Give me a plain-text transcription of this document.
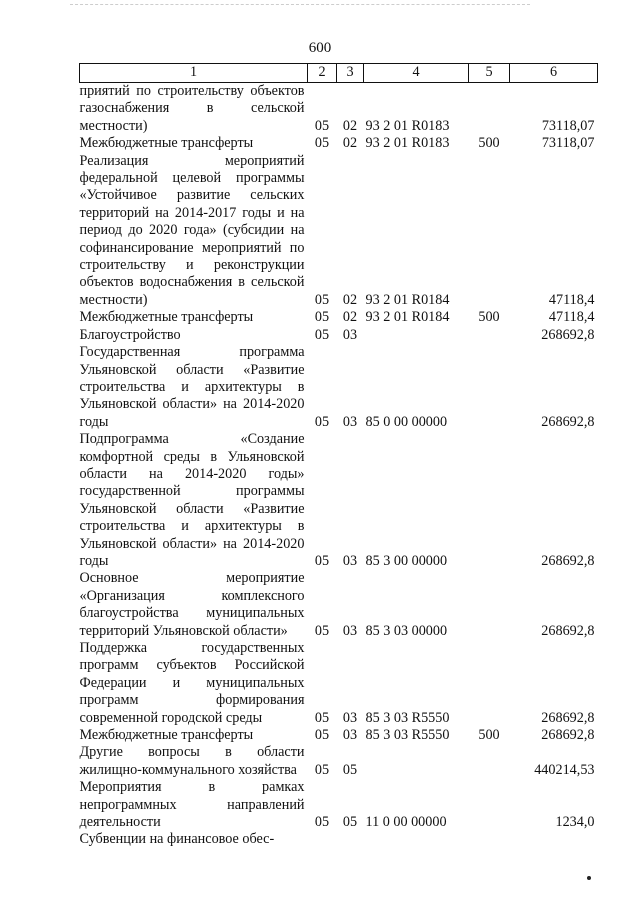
600
1	2	3	4	5	6
приятий по строительству объектов газоснабжения в сельской местности)	05	02	93 2 01 R0183		73118,07
Межбюджетные трансферты	05	02	93 2 01 R0183	500	73118,07
Реализация мероприятий федеральной целевой программы «Устойчивое развитие сельских территорий на 2014-2017 годы и на период до 2020 года» (субсидии на софинансирование мероприятий по строительству и реконструкции объектов водоснабжения в сельской местности)	05	02	93 2 01 R0184		47118,4
Межбюджетные трансферты	05	02	93 2 01 R0184	500	47118,4
Благоустройство	05	03			268692,8
Государственная программа Ульяновской области «Развитие строительства и архитектуры в Ульяновской области» на 2014-2020 годы	05	03	85 0 00 00000		268692,8
Подпрограмма «Создание комфортной среды в Ульяновской области на 2014-2020 годы» государственной программы Ульяновской области «Развитие строительства и архитектуры в Ульяновской области» на 2014-2020 годы	05	03	85 3 00 00000		268692,8
Основное мероприятие «Организация комплексного благоустройства муниципальных территорий Ульяновской области»	05	03	85 3 03 00000		268692,8
Поддержка государственных программ субъектов Российской Федерации и муниципальных программ формирования современной городской среды	05	03	85 3 03 R5550		268692,8
Межбюджетные трансферты	05	03	85 3 03 R5550	500	268692,8
Другие вопросы в области жилищно-коммунального хозяйства	05	05			440214,53
Мероприятия в рамках непрограммных направлений деятельности	05	05	11 0 00 00000		1234,0
Субвенции на финансовое обес-					
